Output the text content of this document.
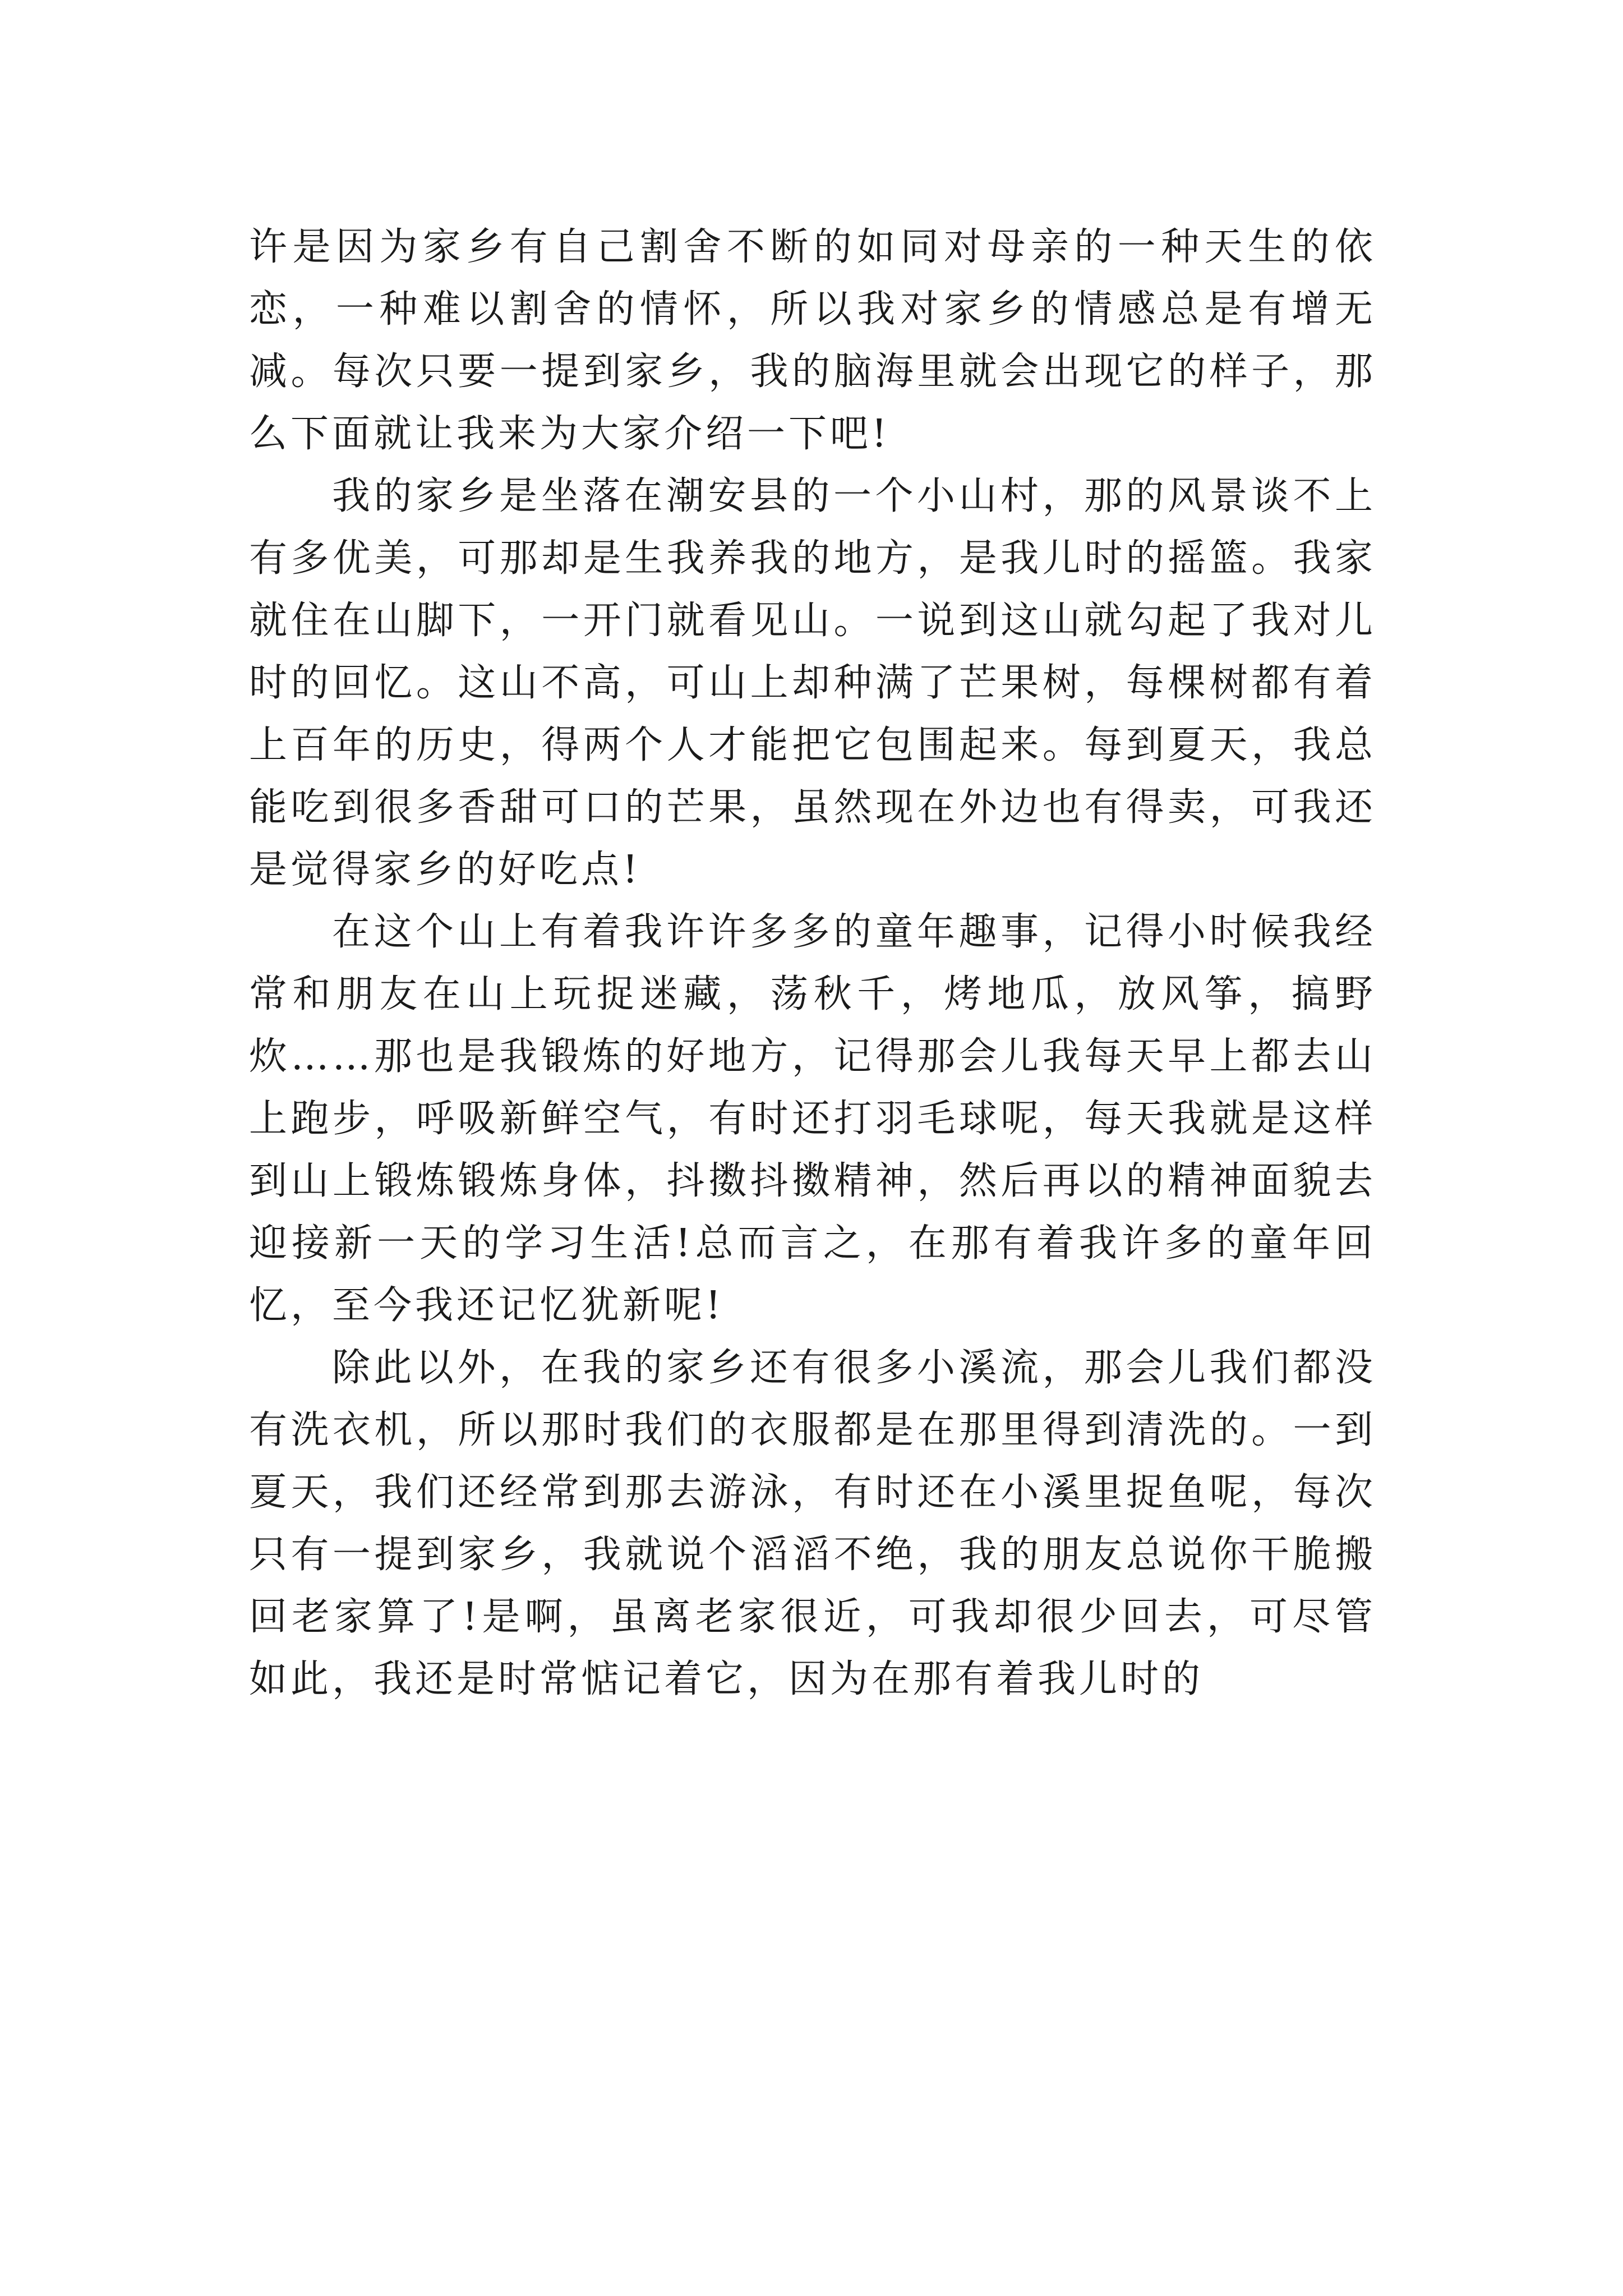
许是因为家乡有自己割舍不断的如同对母亲的一种天生的依恋，一种难以割舍的情怀，所以我对家乡的情感总是有增无减。每次只要一提到家乡，我的脑海里就会出现它的样子，那么下面就让我来为大家介绍一下吧!

我的家乡是坐落在潮安县的一个小山村，那的风景谈不上有多优美，可那却是生我养我的地方，是我儿时的摇篮。我家就住在山脚下，一开门就看见山。一说到这山就勾起了我对儿时的回忆。这山不高，可山上却种满了芒果树，每棵树都有着上百年的历史，得两个人才能把它包围起来。每到夏天，我总能吃到很多香甜可口的芒果，虽然现在外边也有得卖，可我还是觉得家乡的好吃点!

在这个山上有着我许许多多的童年趣事，记得小时候我经常和朋友在山上玩捉迷藏，荡秋千，烤地瓜，放风筝，搞野炊……那也是我锻炼的好地方，记得那会儿我每天早上都去山上跑步，呼吸新鲜空气，有时还打羽毛球呢，每天我就是这样到山上锻炼锻炼身体，抖擞抖擞精神，然后再以的精神面貌去迎接新一天的学习生活!总而言之，在那有着我许多的童年回忆，至今我还记忆犹新呢!

除此以外，在我的家乡还有很多小溪流，那会儿我们都没有洗衣机，所以那时我们的衣服都是在那里得到清洗的。一到夏天，我们还经常到那去游泳，有时还在小溪里捉鱼呢，每次只有一提到家乡，我就说个滔滔不绝，我的朋友总说你干脆搬回老家算了!是啊，虽离老家很近，可我却很少回去，可尽管如此，我还是时常惦记着它，因为在那有着我儿时的
